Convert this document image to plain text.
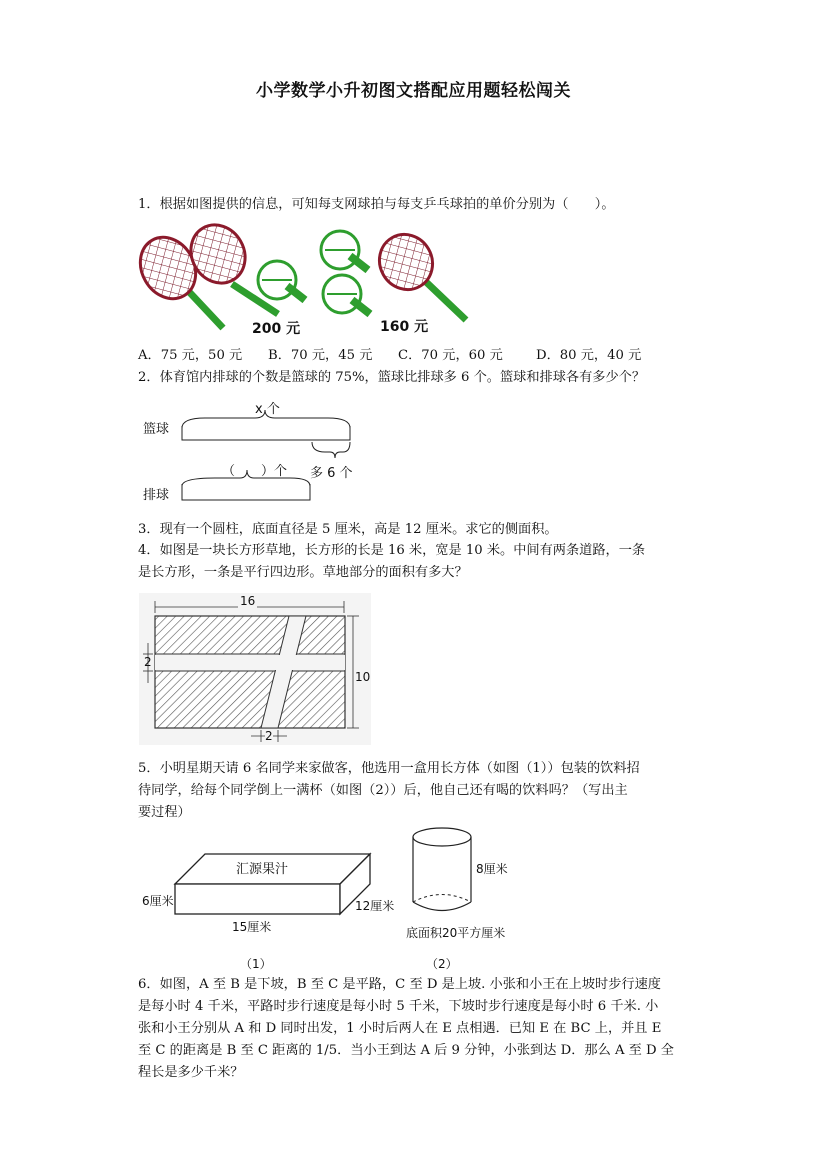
小学数学小升初图文搭配应用题轻松闯关
1．根据如图提供的信息，可知每支网球拍与每支乒乓球拍的单价分别为（　　）。
200 元	160 元
A．75 元，50 元 B．70 元，45 元 C．70 元，60 元	D．80 元，40 元
2．体育馆内排球的个数是篮球的 75%，篮球比排球多 6 个。篮球和排球各有多少个？
篮球
排球
x 个
（　　）个 多 6 个
3．现有一个圆柱，底面直径是 5 厘米，高是 12 厘米。求它的侧面积。
4．如图是一块长方形草地，长方形的长是 16 米，宽是 10 米。中间有两条道路，一条
是长方形，一条是平行四边形。草地部分的面积有多大？
16
10
2
2
5．小明星期天请 6 名同学来家做客，他选用一盒用长方体（如图（1））包装的饮料招
待同学，给每个同学倒上一满杯（如图（2））后，他自己还有喝的饮料吗？（写出主
要过程）
汇源果汁
6厘米
15厘米
12厘米
8厘米
底面积20平方厘米
（1）	（2）
6．如图，A 至 B 是下坡，B 至 C 是平路，C 至 D 是上坡. 小张和小王在上坡时步行速度
是每小时 4 千米，平路时步行速度是每小时 5 千米，下坡时步行速度是每小时 6 千米. 小
张和小王分别从 A 和 D 同时出发，1 小时后两人在 E 点相遇．已知 E 在 BC 上，并且 E
至 C 的距离是 B 至 C 距离的 1/5．当小王到达 A 后 9 分钟，小张到达 D．那么 A 至 D 全
程长是多少千米？
